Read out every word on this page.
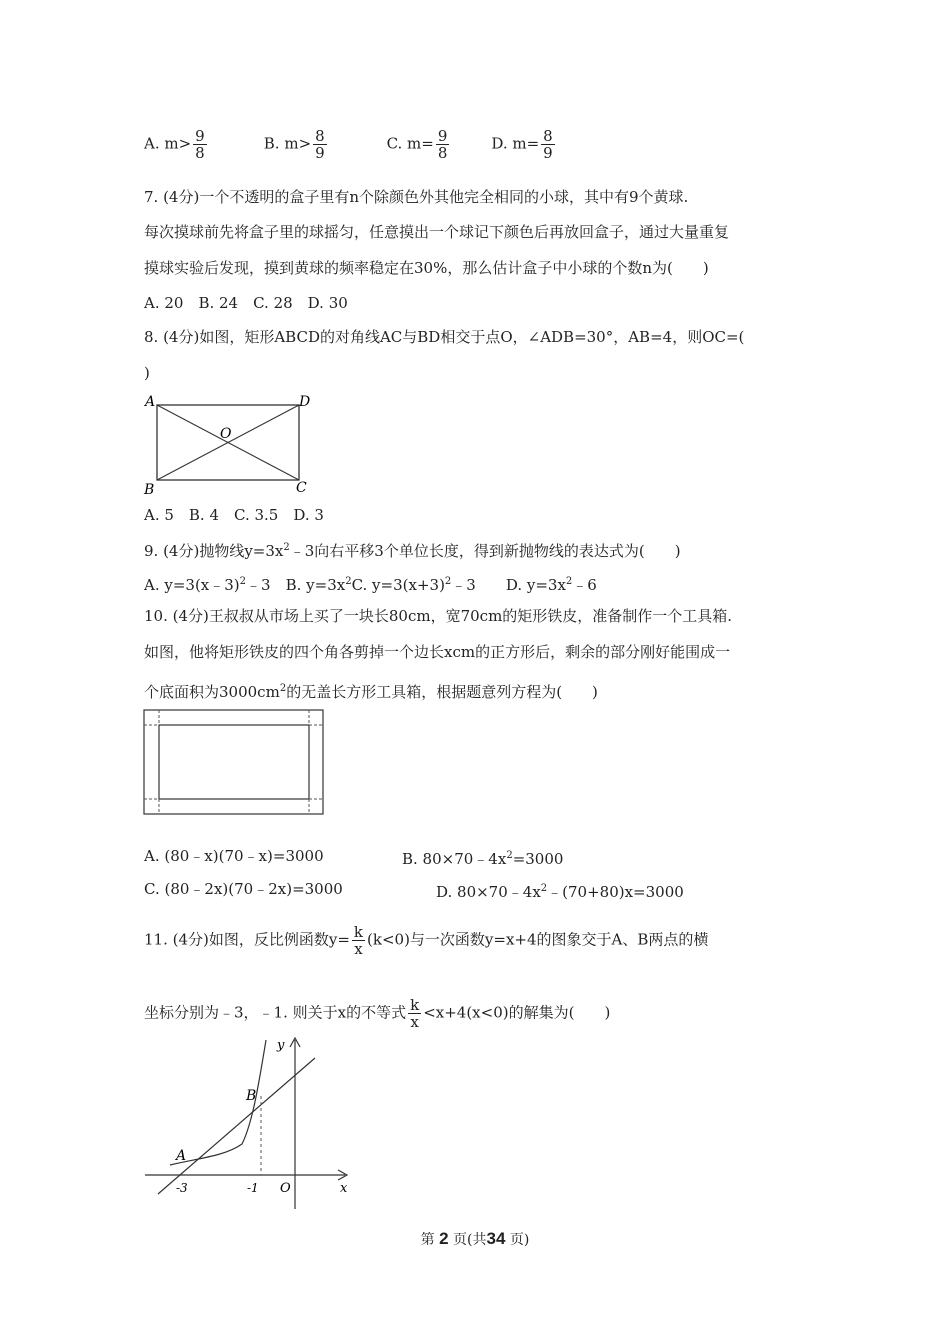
A. $m> \frac{9}{8}$	B. $m> \frac{8}{9}$	C. $m= \frac{9}{8}$	D. $m= \frac{8}{9}$
7. (4分)一个不透明的盒子里有n个除颜色外其他完全相同的小球，其中有9个黄球.
每次摸球前先将盒子里的球摇匀，任意摸出一个球记下颜色后再放回盒子，通过大量重复
摸球实验后发现，摸到黄球的频率稳定在30%，那么估计盒子中小球的个数n为(　　)
A. 20　B. 24　C. 28　D. 30
8. (4分)如图，矩形ABCD的对角线AC与BD相交于点O，∠ADB=30°，AB=4，则OC=(
)
A	D
O
B	C
A. 5　B. 4　C. 3.5　D. 3
9. (4分)抛物线$y=3x^2﹣3$向右平移3个单位长度，得到新抛物线的表达式为(　　)
A. y=3(x﹣3)$^2$﹣3　B. $y=3x^2C$. $y=3(x+3)^2﹣3$　　D. $y=3x^2﹣6$
10. (4分)王叔叔从市场上买了一块长80cm，宽70cm的矩形铁皮，准备制作一个工具箱.
如图，他将矩形铁皮的四个角各剪掉一个边长xcm的正方形后，剩余的部分刚好能围成一
个底面积为$3000cm^2$的无盖长方形工具箱，根据题意列方程为(　　)
A. (80﹣x)(70﹣x)=3000	B. $80\times 70﹣4x^2=3000$
C. (80﹣2x)(70﹣2x)=3000	D. $80\times 70﹣4x^2﹣(70+80)x=3000$
11. (4分)如图，反比例函数$y= \frac{k}{x} (k<0)$与一次函数y=x+4的图象交于A、B两点的横
坐标分别为﹣3，﹣1. 则关于x的不等式 $\frac{k}{x} <x+4(x<0)$的解集为(　　)
y
x
B
A
-3	-1 O
第 2 页(共34 页)
